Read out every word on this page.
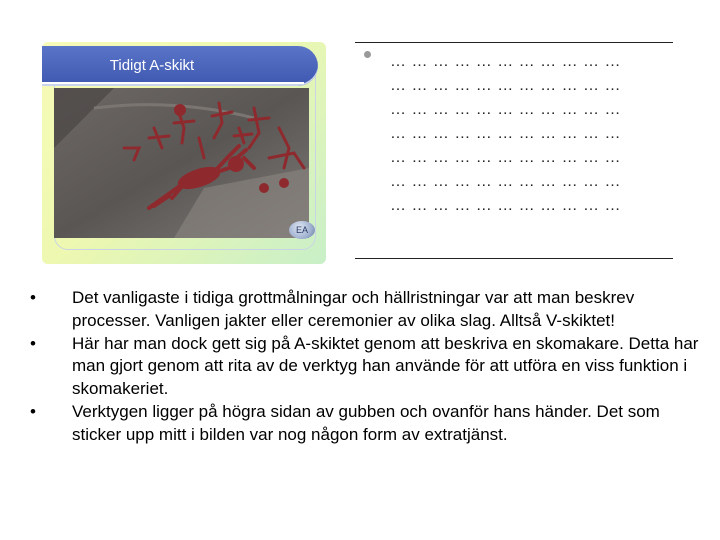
Tidigt A-skikt
EA
… … … … … … … … … … …
… … … … … … … … … … …
… … … … … … … … … … …
… … … … … … … … … … …
… … … … … … … … … … …
… … … … … … … … … … …
… … … … … … … … … … …
•	Det vanligaste i tidiga grottmålningar och hällristningar var att man beskrev processer. Vanligen jakter eller ceremonier av olika slag. Alltså V-skiktet!
•	Här har man dock gett sig på A-skiktet genom att beskriva en skomakare. Detta har man gjort genom att rita av de verktyg han använde för att utföra en viss funktion i skomakeriet.
•	Verktygen ligger på högra sidan av gubben och ovanför hans händer. Det som sticker upp mitt i bilden var nog någon form av extratjänst.
